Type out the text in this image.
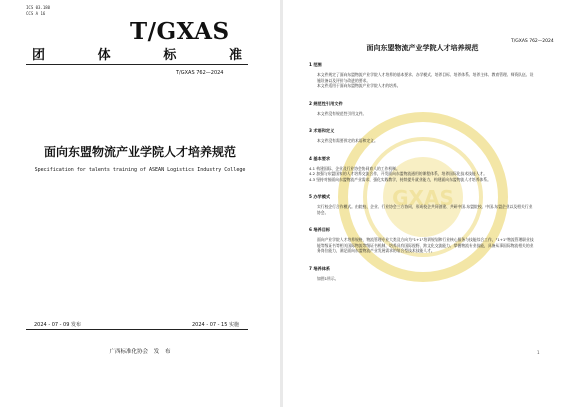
ICS 03.180
CCS A 16
T/GXAS
团	体	标	准
T/GXAS 762—2024
面向东盟物流产业学院人才培养规范
Specification for talents training of ASEAN Logistics Industry College
2024 - 07 - 09 发布	2024 - 07 - 15 实施
广西标准化协会 发 布
T/GXAS 762—2024
面向东盟物流产业学院人才培养规范
GXAS
1 范围
本文件规定了面向东盟物流产业学院人才培养的基本要求、办学模式、培养目标、培养体系、培养主体、教育管理、师资队伍、设施设备以及评价与改进的要求。
本文件适用于面向东盟物流产业学院人才的培养。
2 规范性引用文件
本文件没有规范性引用文件。
3 术语和定义
本文件没有需要界定的术语和定义。
4 基本要求
4.1 构建国际、企业及行业协会协同育人的工作机制。
4.2 加强与东盟国家的人才培养交流合作，开发面向东盟物流通用的课程体系，培养国际化技术技能人才。
4.3 坚持对接面向东盟物流产业需求，强化实践教学，持续提升就业能力，构建面向东盟物流人才培养体系。
5 办学模式
实行校企行合作模式。由院校、企业、行业协会三方协同，形成校企共同创建、共研中国-东盟院校、中国-东盟企业以及相关行业协会。
6 培养目标
面向产业学院人才培养规格，物流管理专业大类及方向为"1+1"培训规划和行业核心服务与技能综合工作，"1+1"物流管理职业技能等级证书等相关国际物流等级证书机制，培养具有国际视野、跨文化交流能力、掌握物流专业技能，具备从事国际物流相关的业务岗位能力，满足面向东盟物流产业发展需求的复合型技术技能人才。
7 培养体系
如图1所示。
1
